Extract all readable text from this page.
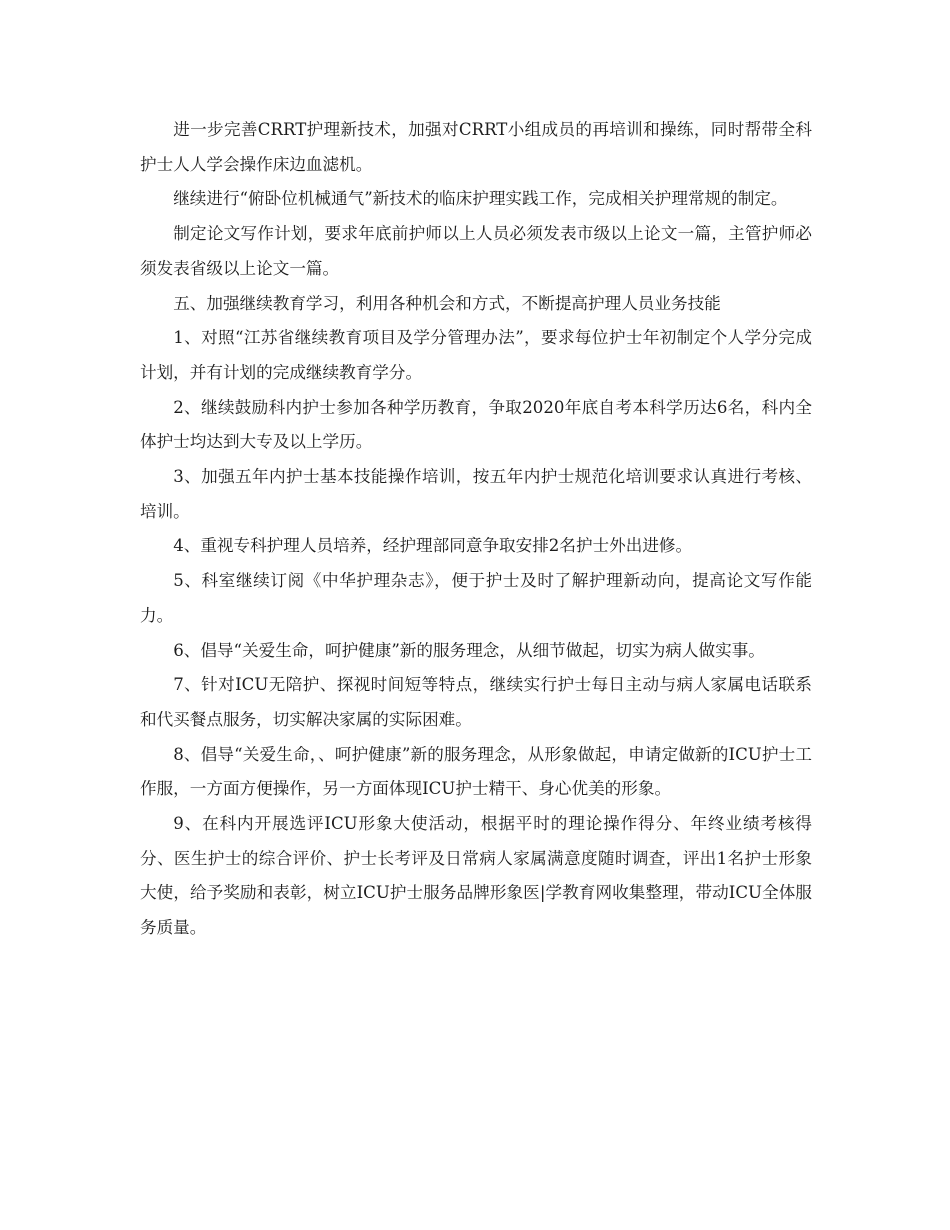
进一步完善CRRT护理新技术，加强对CRRT小组成员的再培训和操练，同时帮带全科护士人人学会操作床边血滤机。

继续进行“俯卧位机械通气”新技术的临床护理实践工作，完成相关护理常规的制定。

制定论文写作计划，要求年底前护师以上人员必须发表市级以上论文一篇，主管护师必须发表省级以上论文一篇。

五、加强继续教育学习，利用各种机会和方式，不断提高护理人员业务技能

1、对照“江苏省继续教育项目及学分管理办法”，要求每位护士年初制定个人学分完成计划，并有计划的完成继续教育学分。

2、继续鼓励科内护士参加各种学历教育，争取2020年底自考本科学历达6名，科内全体护士均达到大专及以上学历。

3、加强五年内护士基本技能操作培训，按五年内护士规范化培训要求认真进行考核、培训。

4、重视专科护理人员培养，经护理部同意争取安排2名护士外出进修。

5、科室继续订阅《中华护理杂志》，便于护士及时了解护理新动向，提高论文写作能力。

6、倡导“关爱生命，呵护健康”新的服务理念，从细节做起，切实为病人做实事。

7、针对ICU无陪护、探视时间短等特点，继续实行护士每日主动与病人家属电话联系和代买餐点服务，切实解决家属的实际困难。

8、倡导“关爱生命，、呵护健康”新的服务理念，从形象做起，申请定做新的ICU护士工作服，一方面方便操作，另一方面体现ICU护士精干、身心优美的形象。

9、在科内开展选评ICU形象大使活动，根据平时的理论操作得分、年终业绩考核得分、医生护士的综合评价、护士长考评及日常病人家属满意度随时调查，评出1名护士形象大使，给予奖励和表彰，树立ICU护士服务品牌形象医|学教育网收集整理，带动ICU全体服务质量。
